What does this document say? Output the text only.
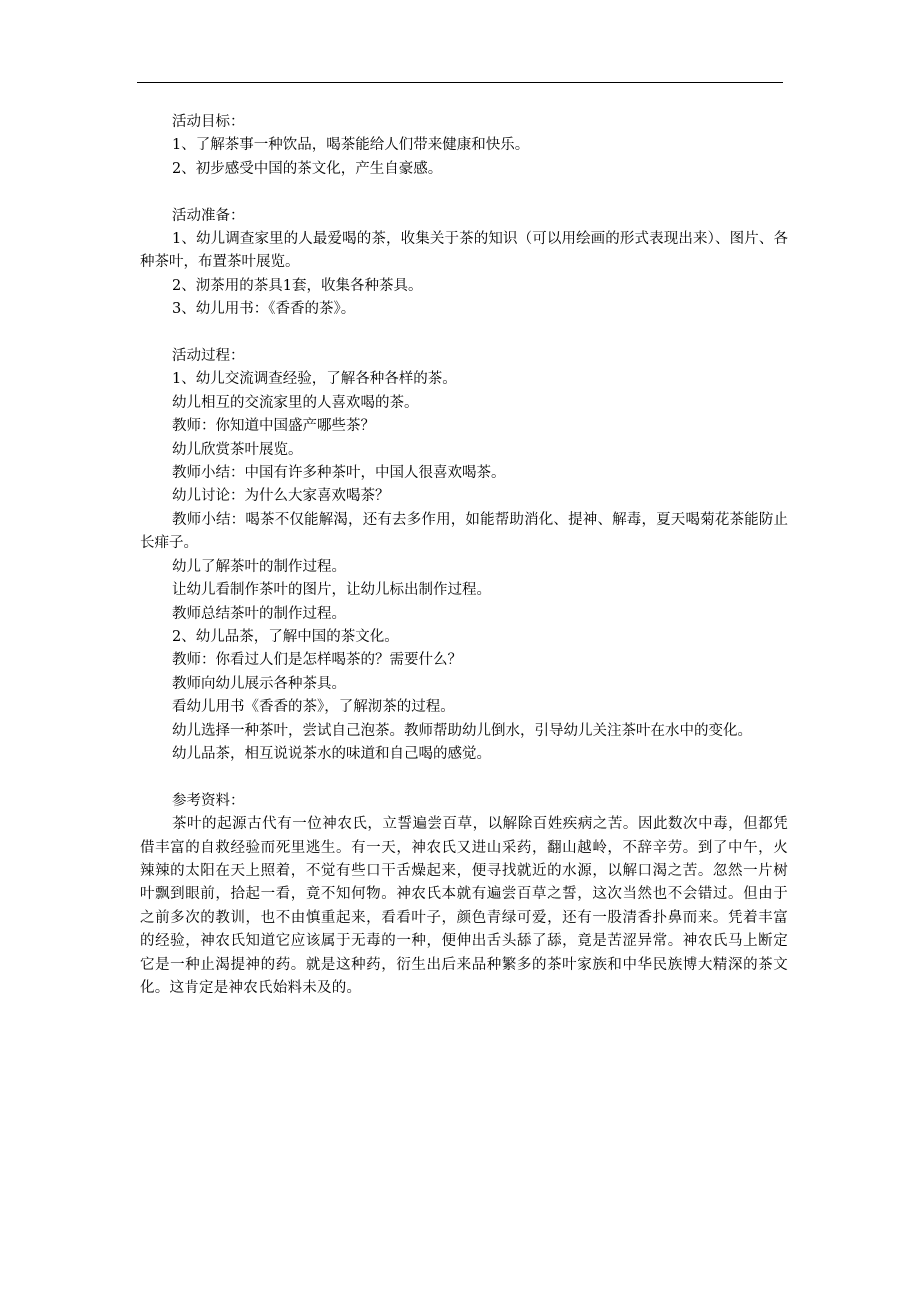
活动目标：

1、了解茶事一种饮品，喝茶能给人们带来健康和快乐。

2、初步感受中国的茶文化，产生自豪感。

活动准备：

1、幼儿调查家里的人最爱喝的茶，收集关于茶的知识（可以用绘画的形式表现出来）、图片、各种茶叶，布置茶叶展览。

2、沏茶用的茶具1套，收集各种茶具。

3、幼儿用书：《香香的茶》。

活动过程：

1、幼儿交流调查经验，了解各种各样的茶。

幼儿相互的交流家里的人喜欢喝的茶。

教师：你知道中国盛产哪些茶？

幼儿欣赏茶叶展览。

教师小结：中国有许多种茶叶，中国人很喜欢喝茶。

幼儿讨论：为什么大家喜欢喝茶？

教师小结：喝茶不仅能解渴，还有去多作用，如能帮助消化、提神、解毒，夏天喝菊花茶能防止长痱子。

幼儿了解茶叶的制作过程。

让幼儿看制作茶叶的图片，让幼儿标出制作过程。

教师总结茶叶的制作过程。

2、幼儿品茶，了解中国的茶文化。

教师：你看过人们是怎样喝茶的？需要什么？

教师向幼儿展示各种茶具。

看幼儿用书《香香的茶》，了解沏茶的过程。

幼儿选择一种茶叶，尝试自己泡茶。教师帮助幼儿倒水，引导幼儿关注茶叶在水中的变化。

幼儿品茶，相互说说茶水的味道和自己喝的感觉。

参考资料：

茶叶的起源古代有一位神农氏，立誓遍尝百草，以解除百姓疾病之苦。因此数次中毒，但都凭借丰富的自救经验而死里逃生。有一天，神农氏又进山采药，翻山越岭，不辞辛劳。到了中午，火辣辣的太阳在天上照着，不觉有些口干舌燥起来，便寻找就近的水源，以解口渴之苦。忽然一片树叶飘到眼前，拾起一看，竟不知何物。神农氏本就有遍尝百草之誓，这次当然也不会错过。但由于之前多次的教训，也不由慎重起来，看看叶子，颜色青绿可爱，还有一股清香扑鼻而来。凭着丰富的经验，神农氏知道它应该属于无毒的一种，便伸出舌头舔了舔，竟是苦涩异常。神农氏马上断定它是一种止渴提神的药。就是这种药，衍生出后来品种繁多的茶叶家族和中华民族博大精深的茶文化。这肯定是神农氏始料未及的。
